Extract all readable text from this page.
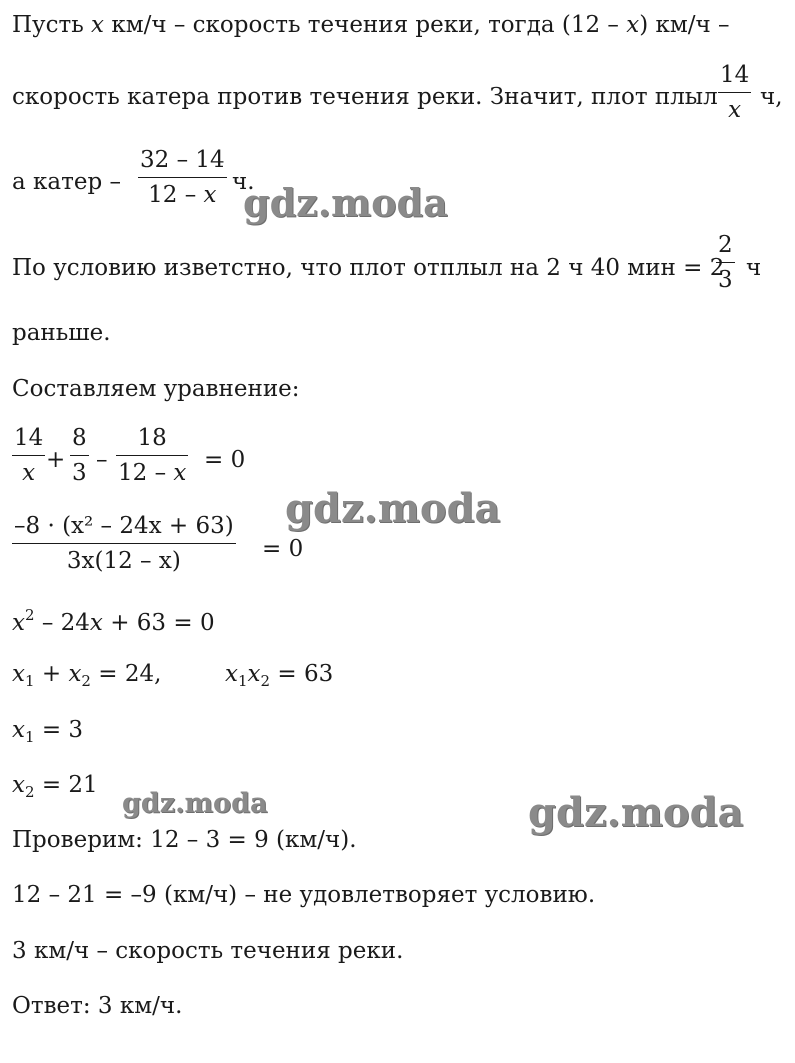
Пусть x км/ч – скорость течения реки, тогда (12 – x) км/ч –
скорость катера против течения реки. Значит, плот плыл
14
x ч,
а катер –
32 – 14
12 – x ч.
По условию изветстно, что плот отплыл на 2 ч 40 мин = 2
2
3 ч
раньше.
Составляем уравнение:
14
x +
8
3 –
18
12 – x = 0
–8 · (x² – 24x + 63)
3x(12 – x)	= 0
$x^2 - 24x + 63 = 0$
$x_1 + x_2 = 24$,	$x_1x_2 = 63$
$x_1 = 3$
$x_2 = 21$
Проверим: 12 – 3 = 9 (км/ч).
12 – 21 = –9 (км/ч) – не удовлетворяет условию.
3 км/ч – скорость течения реки.
Ответ: 3 км/ч.
gdz.moda
gdz.moda
gdz.moda	gdz.moda
